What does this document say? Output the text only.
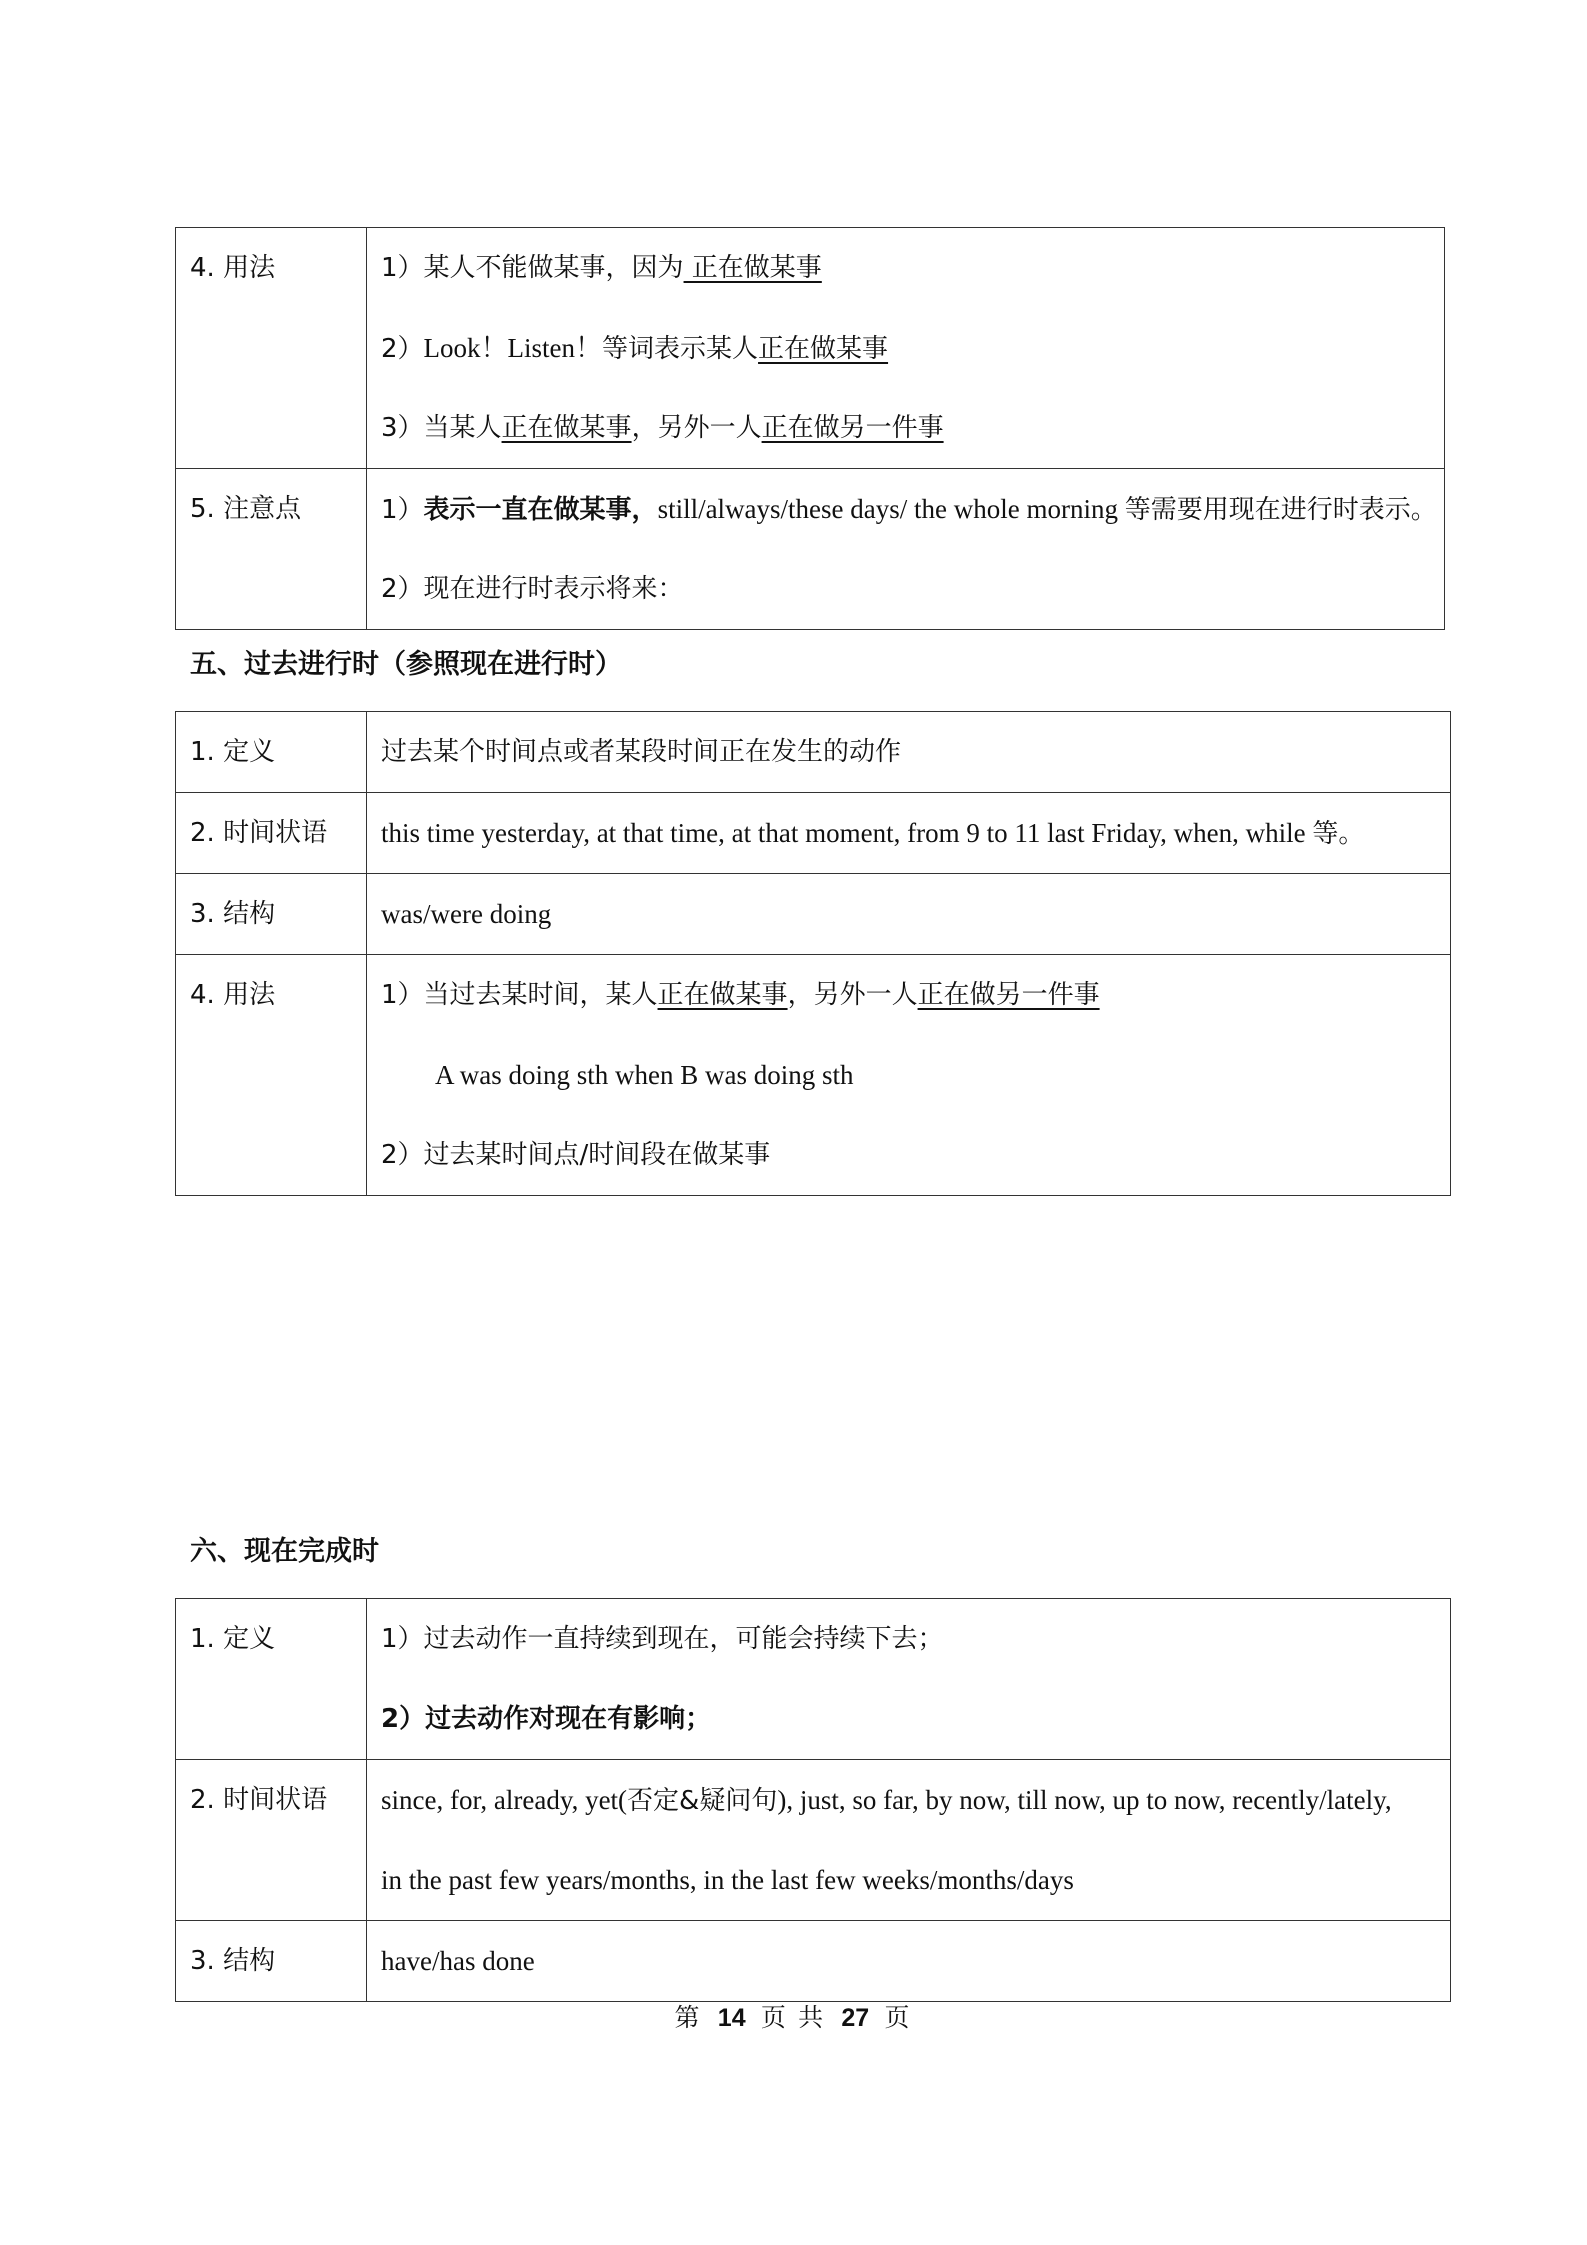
4. 用法	1）某人不能做某事，因为 正在做某事
2）Look！Listen！等词表示某人正在做某事
3）当某人正在做某事，另外一人正在做另一件事

5. 注意点	1）表示一直在做某事，still/always/these days/ the whole morning 等需要用现在进行时表示。
2）现在进行时表示将来：
五、过去进行时（参照现在进行时）
1. 定义	过去某个时间点或者某段时间正在发生的动作

2. 时间状语	this time yesterday, at that time, at that moment, from 9 to 11 last Friday, when, while 等。

3. 结构	was/were doing

4. 用法	1）当过去某时间，某人正在做某事，另外一人正在做另一件事
A was doing sth when B was doing sth
2）过去某时间点/时间段在做某事
六、现在完成时
1. 定义	1）过去动作一直持续到现在，可能会持续下去；
2）过去动作对现在有影响；

2. 时间状语	since, for, already, yet(否定&疑问句), just, so far, by now, till now, up to now, recently/lately,
in the past few years/months, in the last few weeks/months/days

3. 结构	have/has done
第 14 页 共 27 页
